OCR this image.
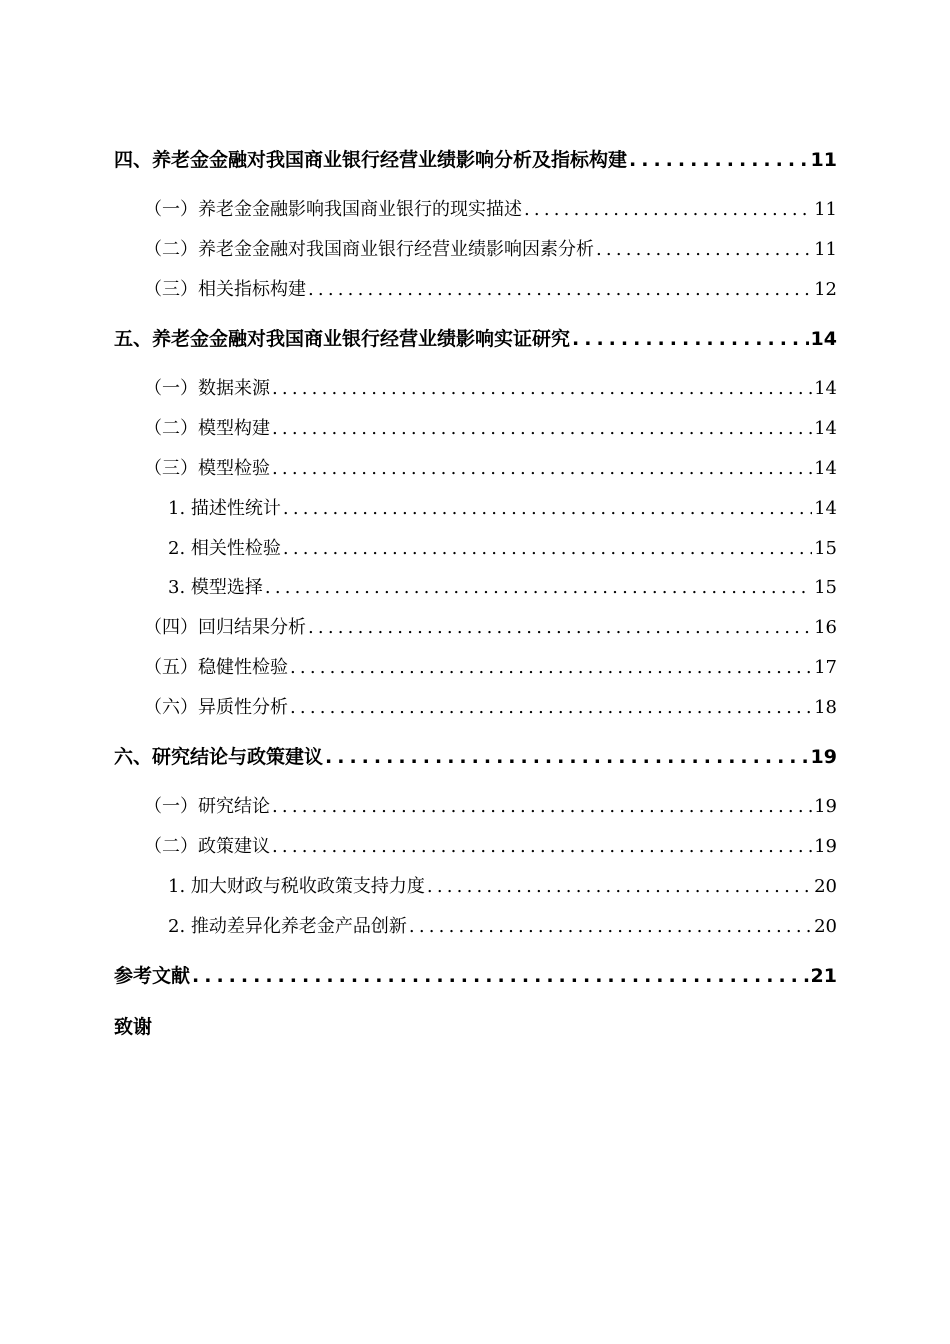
四、养老金金融对我国商业银行经营业绩影响分析及指标构建 .....	11
（一）养老金金融影响我国商业银行的现实描述 .....	11
（二）养老金金融对我国商业银行经营业绩影响因素分析 .....	11
（三）相关指标构建 .....	12
五、养老金金融对我国商业银行经营业绩影响实证研究 .....	14
（一）数据来源 .....	14
（二）模型构建 .....	14
（三）模型检验 .....	14
1. 描述性统计 .....	14
2. 相关性检验 .....	15
3. 模型选择 .....	15
（四）回归结果分析 .....	16
（五）稳健性检验 .....	17
（六）异质性分析 .....	18
六、研究结论与政策建议 .....	19
（一）研究结论 .....	19
（二）政策建议 .....	19
1. 加大财政与税收政策支持力度 .....	20
2. 推动差异化养老金产品创新 .....	20
参考文献 .....	21
致谢
